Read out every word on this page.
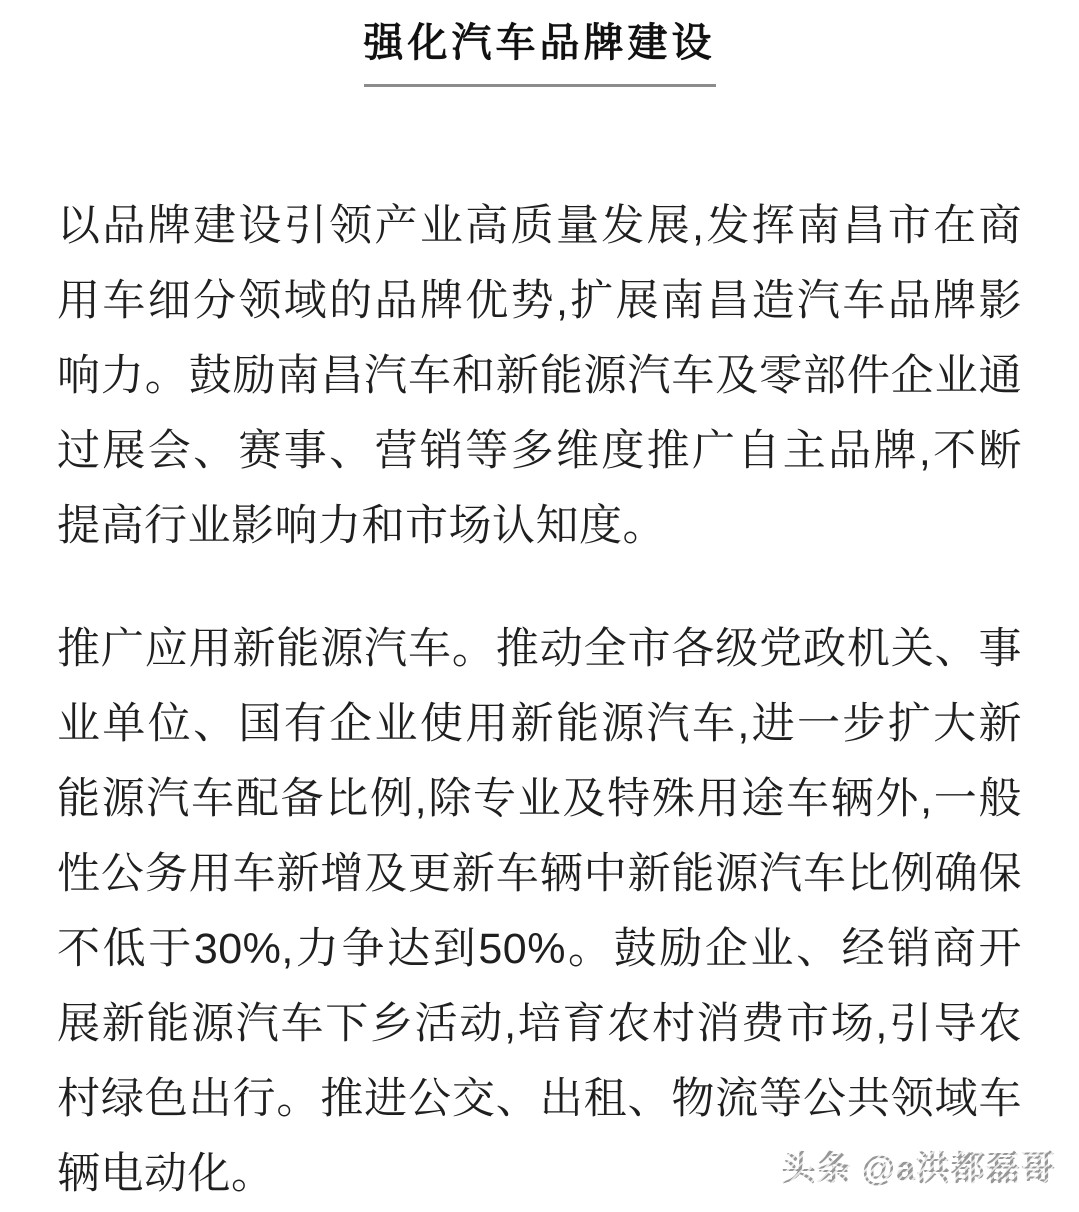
强化汽车品牌建设

以品牌建设引领产业高质量发展,发挥南昌市在商用车细分领域的品牌优势,扩展南昌造汽车品牌影响力。鼓励南昌汽车和新能源汽车及零部件企业通过展会、赛事、营销等多维度推广自主品牌,不断提高行业影响力和市场认知度。

推广应用新能源汽车。推动全市各级党政机关、事业单位、国有企业使用新能源汽车,进一步扩大新能源汽车配备比例,除专业及特殊用途车辆外,一般性公务用车新增及更新车辆中新能源汽车比例确保不低于30%,力争达到50%。鼓励企业、经销商开展新能源汽车下乡活动,培育农村消费市场,引导农村绿色出行。推进公交、出租、物流等公共领域车辆电动化。	头条 @a洪都磊哥
